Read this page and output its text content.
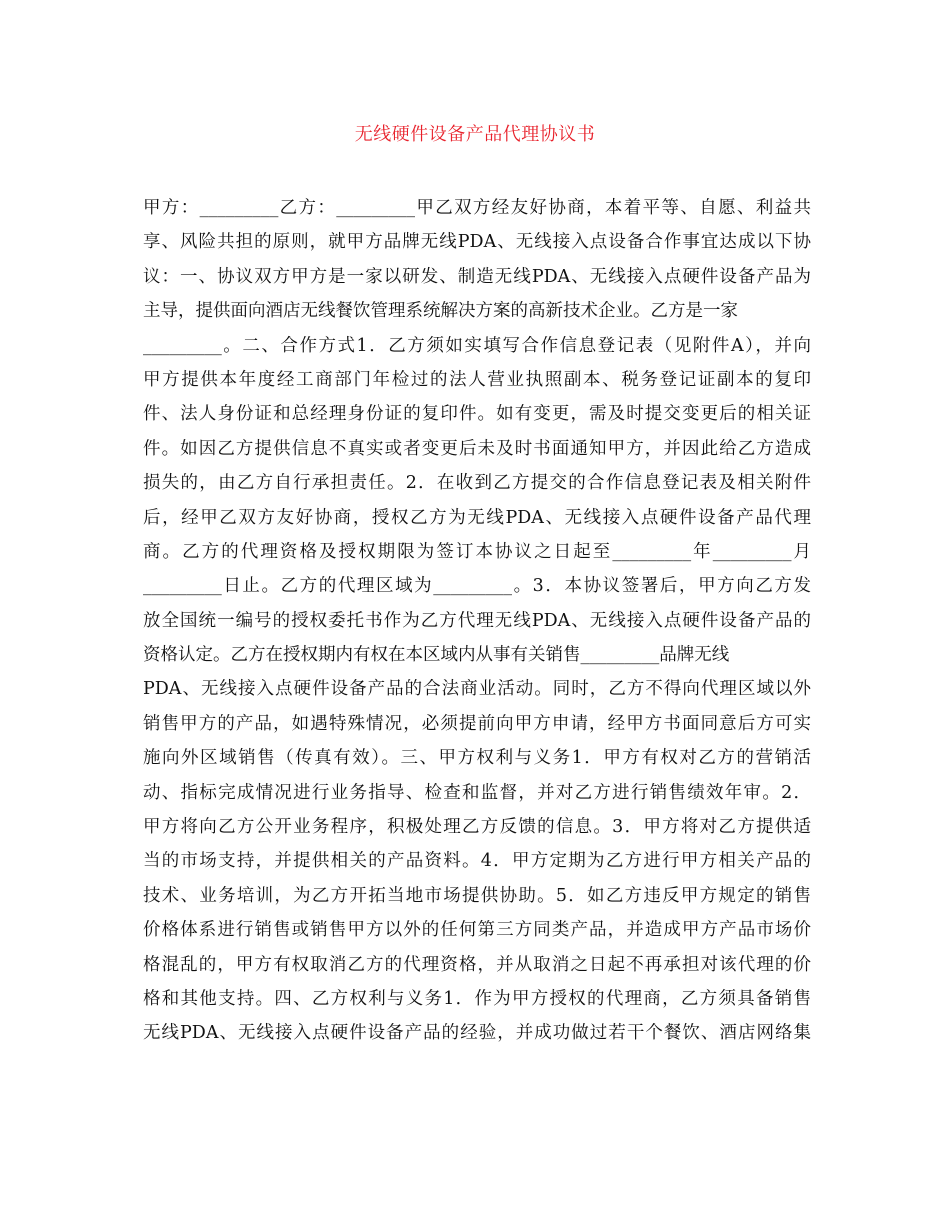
无线硬件设备产品代理协议书
甲方：_________乙方：_________甲乙双方经友好协商，本着平等、自愿、利益共
享、风险共担的原则，就甲方品牌无线PDA、无线接入点设备合作事宜达成以下协
议：一、协议双方甲方是一家以研发、制造无线PDA、无线接入点硬件设备产品为
主导，提供面向酒店无线餐饮管理系统解决方案的高新技术企业。乙方是一家
_________。二、合作方式1．乙方须如实填写合作信息登记表（见附件A），并向
甲方提供本年度经工商部门年检过的法人营业执照副本、税务登记证副本的复印
件、法人身份证和总经理身份证的复印件。如有变更，需及时提交变更后的相关证
件。如因乙方提供信息不真实或者变更后未及时书面通知甲方，并因此给乙方造成
损失的，由乙方自行承担责任。2．在收到乙方提交的合作信息登记表及相关附件
后，经甲乙双方友好协商，授权乙方为无线PDA、无线接入点硬件设备产品代理
商。乙方的代理资格及授权期限为签订本协议之日起至_________年_________月
_________日止。乙方的代理区域为_________。3．本协议签署后，甲方向乙方发
放全国统一编号的授权委托书作为乙方代理无线PDA、无线接入点硬件设备产品的
资格认定。乙方在授权期内有权在本区域内从事有关销售_________品牌无线
PDA、无线接入点硬件设备产品的合法商业活动。同时，乙方不得向代理区域以外
销售甲方的产品，如遇特殊情况，必须提前向甲方申请，经甲方书面同意后方可实
施向外区域销售（传真有效）。三、甲方权利与义务1．甲方有权对乙方的营销活
动、指标完成情况进行业务指导、检查和监督，并对乙方进行销售绩效年审。2．
甲方将向乙方公开业务程序，积极处理乙方反馈的信息。3．甲方将对乙方提供适
当的市场支持，并提供相关的产品资料。4．甲方定期为乙方进行甲方相关产品的
技术、业务培训，为乙方开拓当地市场提供协助。5．如乙方违反甲方规定的销售
价格体系进行销售或销售甲方以外的任何第三方同类产品，并造成甲方产品市场价
格混乱的，甲方有权取消乙方的代理资格，并从取消之日起不再承担对该代理的价
格和其他支持。四、乙方权利与义务1．作为甲方授权的代理商，乙方须具备销售
无线PDA、无线接入点硬件设备产品的经验，并成功做过若干个餐饮、酒店网络集
